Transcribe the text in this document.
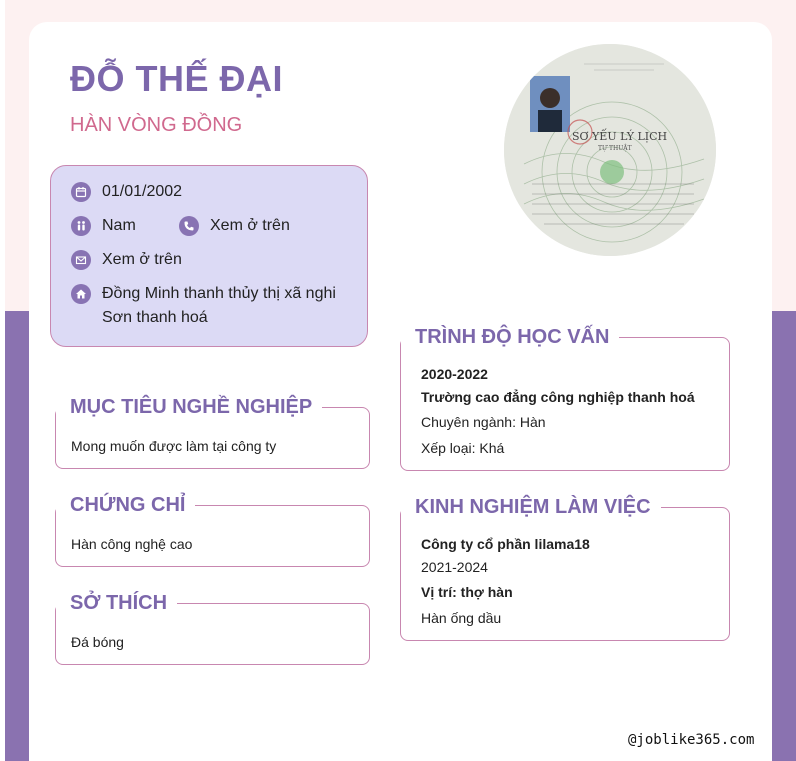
ĐỖ THẾ ĐẠI
HÀN VÒNG ĐỒNG
SƠ YẾU LÝ LỊCH
TỰ THUẬT
01/01/2002
Nam	Xem ở trên
Xem ở trên
Đồng Minh thanh thủy thị xã nghi
Sơn thanh hoá
MỤC TIÊU NGHỀ NGHIỆP
Mong muốn được làm tại công ty
CHỨNG CHỈ
Hàn công nghệ cao
SỞ THÍCH
Đá bóng
TRÌNH ĐỘ HỌC VẤN
2020-2022
Trường cao đẳng công nghiệp thanh hoá
Chuyên ngành: Hàn
Xếp loại: Khá
KINH NGHIỆM LÀM VIỆC
Công ty cổ phần lilama18
2021-2024
Vị trí: thợ hàn
Hàn ống dầu
@joblike365.com
